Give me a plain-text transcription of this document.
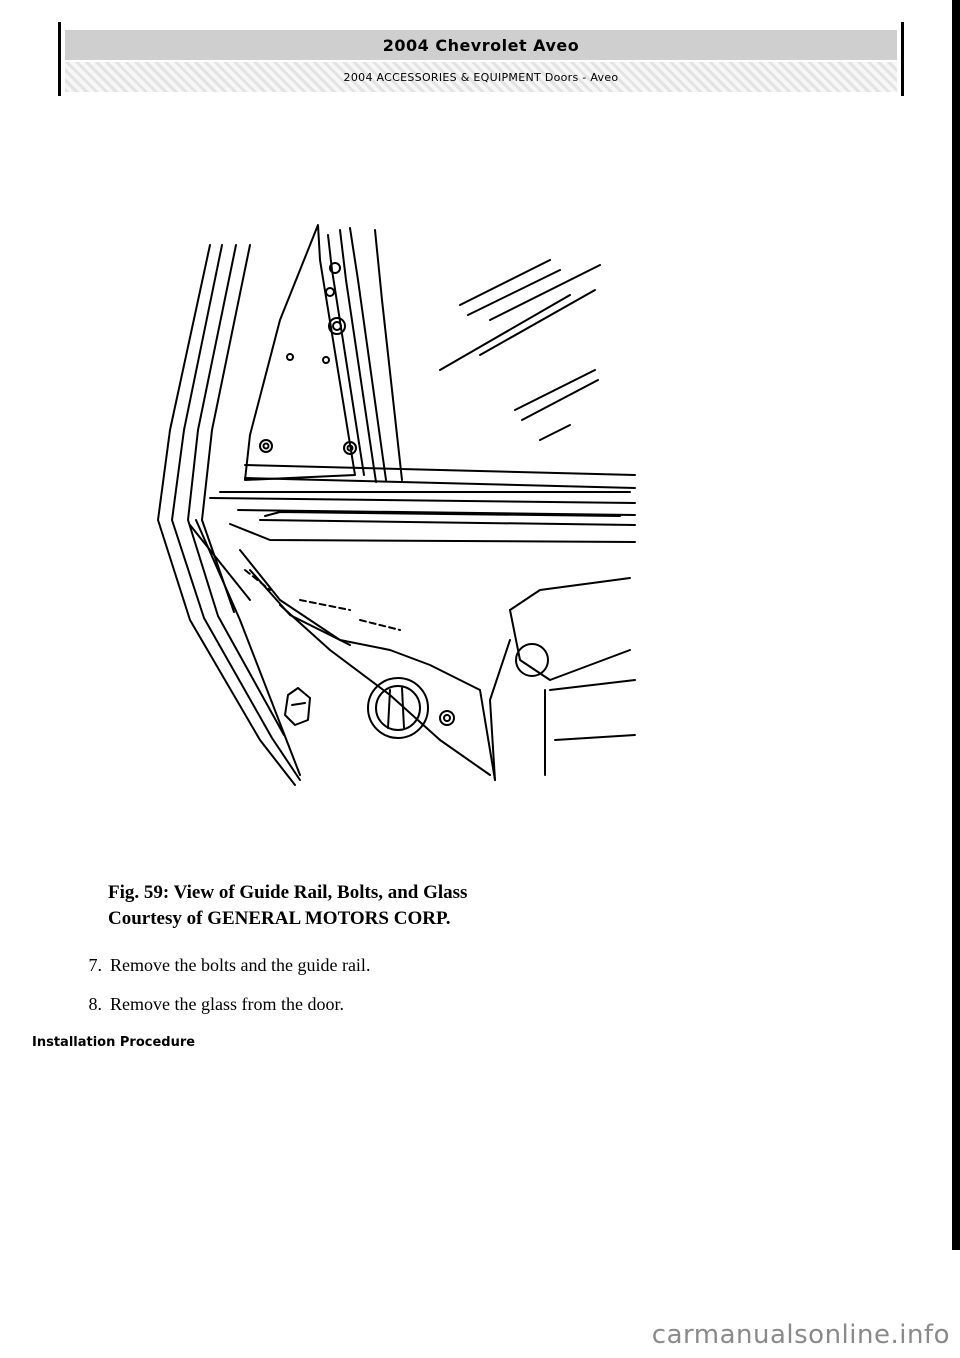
2004 Chevrolet Aveo
2004 ACCESSORIES & EQUIPMENT Doors - Aveo
Fig. 59: View of Guide Rail, Bolts, and Glass
Courtesy of GENERAL MOTORS CORP.
7. Remove the bolts and the guide rail.
8. Remove the glass from the door.
Installation Procedure
carmanualsonline.info
